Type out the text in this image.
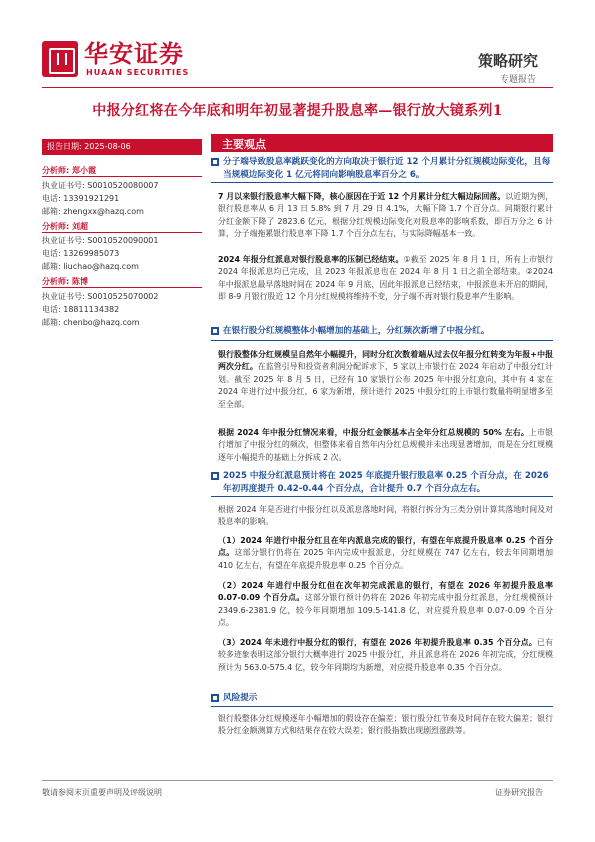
华安证券
HUAAN SECURITIES
策略研究
专题报告
中报分红将在今年底和明年初显著提升股息率—银行放大镜系列1
报告日期: 2025-08-06
分析师: 郑小霞
执业证书号: S0010520080007
电话: 13391921291
邮箱: zhengxx@hazq.com
分析师: 刘超
执业证书号: S0010520090001
电话: 13269985073
邮箱: liuchao@hazq.com
分析师: 陈博
执业证书号: S0010525070002
电话: 18811134382
邮箱: chenbo@hazq.com
主要观点
分子端导致股息率跳跃变化的方向取决于银行近 12 个月累计分红规模边际变化，且每当规模边际变化 1 亿元将同向影响股息率百分之 6。
7 月以来银行股息率大幅下降，核心原因在于近 12 个月累计分红大幅边际回落。以近期为例，银行股息率从 6 月 13 日 5.8% 到 7 月 29 日 4.1%，大幅下降 1.7 个百分点。同期银行累计分红金额下降了 2823.6 亿元，根据分红规模边际变化对股息率的影响系数，即百万分之 6 计算，分子端拖累银行股息率下降 1.7 个百分点左右，与实际降幅基本一致。
2024 年报分红派息对银行股息率的压制已经结束。①截至 2025 年 8 月 1 日，所有上市银行 2024 年报派息均已完成，且 2023 年报派息也在 2024 年 8 月 1 日之前全部结束。②2024 年中报派息最早落地时间在 2024 年 9 月底，因此年报派息已经结束，中报派息未开启的期间，即 8-9 月银行股近 12 个月分红规模将维持不变，分子端不再对银行股息率产生影响。
在银行股分红规模整体小幅增加的基础上，分红频次新增了中报分红。
银行股整体分红规模呈自然年小幅提升，同时分红次数着端从过去仅年报分红转变为年报+中报两次分红。在监管引导和投资者利润分配诉求下，5 家以上市银行在 2024 年启动了中报分红计划。截至 2025 年 8 月 5 日，已经有 10 家银行公布 2025 年中报分红意向，其中有 4 家在 2024 年进行过中报分红，6 家为新增，预计进行 2025 中报分红的上市银行数量将明显增多至至全部。
根据 2024 年中报分红情况来看，中报分红金额基本占全年分红总规模的 50% 左右。上市银行增加了中报分红的频次，但整体来看自然年内分红总规模并未出现显著增加，而是在分红规模逐年小幅提升的基础上分拆成 2 次。
2025 中报分红派息预计将在 2025 年底提升银行股息率 0.25 个百分点，在 2026 年初再度提升 0.42-0.44 个百分点，合计提升 0.7 个百分点左右。
根据 2024 年是否进行中报分红以及派息落地时间，将银行拆分为三类分别计算其落地时间及对股息率的影响。
（1）2024 年进行中报分红且在年内派息完成的银行，有望在年底提升股息率 0.25 个百分点。这部分银行仍将在 2025 年内完成中报派息，分红规模在 747 亿左右，较去年同期增加 410 亿左右，有望在年底提升股息率 0.25 个百分点。
（2）2024 年进行中报分红但在次年初完成派息的银行，有望在 2026 年初提升股息率 0.07-0.09 个百分点。这部分银行预计仍将在 2026 年初完成中报分红派息，分红规模预计 2349.6-2381.9 亿，较今年同期增加 109.5-141.8 亿，对应提升股息率 0.07-0.09 个百分点。
（3）2024 年未进行中报分红的银行，有望在 2026 年初提升股息率 0.35 个百分点。已有较多迹象表明这部分银行大概率进行 2025 中报分红，并且派息将在 2026 年初完成，分红规模预计为 563.0-575.4 亿，较今年同期均为新增，对应提升股息率 0.35 个百分点。
风险提示
银行股整体分红规模逐年小幅增加的假设存在偏差；银行股分红节奏及时间存在较大偏差；银行股分红金额测算方式和结果存在较大误差；银行股指数出现剧烈涨跌等。
敬请参阅末页重要声明及评级说明	证券研究报告
